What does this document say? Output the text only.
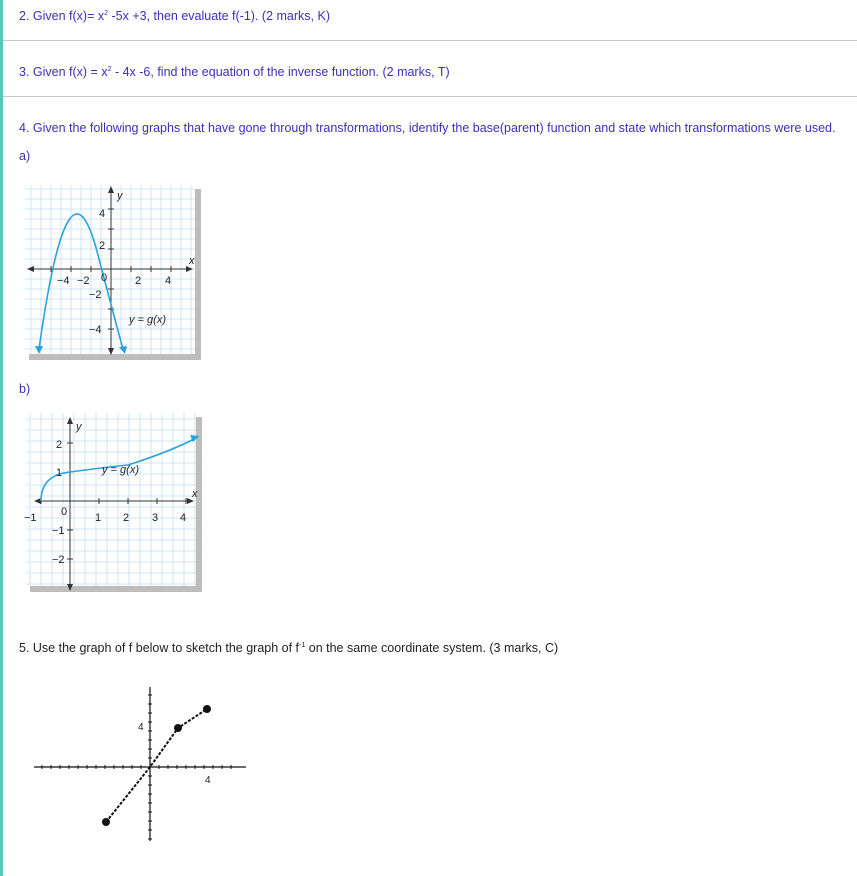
2. Given $f(x)= x^2$ -5x +3, then evaluate f(-1). (2 marks, K)
3. Given $f(x) = x^2 - 4x$ -6, find the equation of the inverse function. (2 marks, T)
4. Given the following graphs that have gone through transformations, identify the base(parent) function and state which transformations were used.
a)
y
x
0
−4 −2	2 4
4
2
−2
−4
y = g(x)
b)
y
x
0
−1	1 2 3 4
2
1
−1
−2
y = g(x)
5. Use the graph of f below to sketch the graph of $f^{-1}$ on the same coordinate system. (3 marks, C)
4
4
